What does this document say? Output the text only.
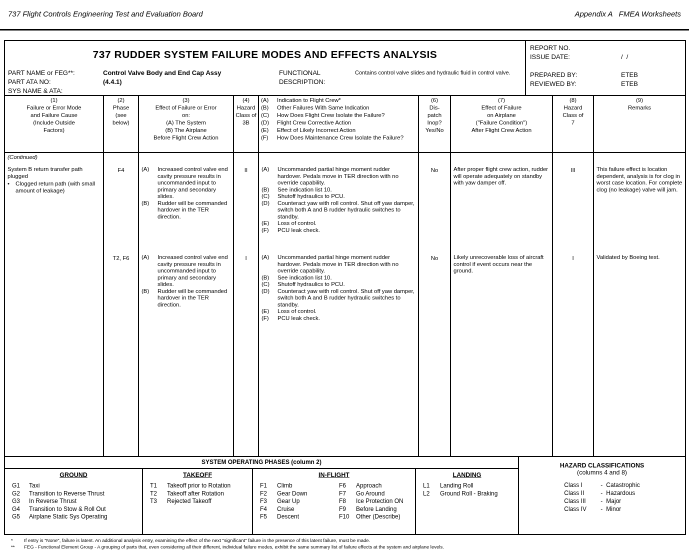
737 Flight Controls Engineering Test and Evaluation Board	Appendix A   FMEA Worksheets
737 RUDDER SYSTEM FAILURE MODES AND EFFECTS ANALYSIS
PART NAME or FEG**: Control Valve Body and End Cap Assy	FUNCTIONAL	Contains control valve slides and hydraulic fluid in control valve.
PART ATA NO:	(4.4.1)	DESCRIPTION:
SYS NAME & ATA:
REPORT NO.
ISSUE DATE:	/  /
PREPARED BY:	ETEB
REVIEWED BY:	ETEB
(1)
Failure or Error Mode
and Failure Cause
(Include Outside
Factors)
(2)
Phase
(see
below)
(3)
Effect of Failure or Error
on:
(A) The System
(B) The Airplane
Before Flight Crew Action
(4)
Hazard
Class of
3B
(A) Indication to Flight Crew*
(B) Other Failures With Same Indication
(C) How Does Flight Crew Isolate the Failure?
(D) Flight Crew Corrective Action
(E) Effect of Likely Incorrect Action
(F) How Does Maintenance Crew Isolate the Failure?
(6)
Dis-
patch
Inop?
Yes/No
(7)
Effect of Failure
on Airplane
("Failure Condition")
After Flight Crew Action
(8)
Hazard
Class of
7
(9)
Remarks
(Continued)
System B return transfer path plugged
• Clogged return path (with small amount of leakage)
F4	(A) Increased control valve end cavity pressure results in uncommanded input to primary and secondary slides.
(B) Rudder will be commanded hardover in the TER direction.
II	(A) Uncommanded partial hinge moment rudder hardover. Pedals move in TER direction with no override capability.
(B) See indication list 10.
(C) Shutoff hydraulics to PCU.
(D) Counteract yaw with roll control. Shut off yaw damper, switch both A and B rudder hydraulic switches to standby.
(E) Loss of control.
(F) PCU leak check.
No	After proper flight crew action, rudder will operate adequately on standby with yaw damper off.
III	This failure effect is location dependent, analysis is for clog in worst case location. For complete clog (no leakage) valve will jam.
T2, F6	(A) Increased control valve end cavity pressure results in uncommanded input to primary and secondary slides.
(B) Rudder will be commanded hardover in the TER direction.
I	(A) Uncommanded partial hinge moment rudder hardover. Pedals move in TER direction with no override capability.
(B) See indication list 10.
(C) Shutoff hydraulics to PCU.
(D) Counteract yaw with roll control. Shut off yaw damper, switch both A and B rudder hydraulic switches to standby.
(E) Loss of control.
(F) PCU leak check.
No	Likely unrecoverable loss of aircraft control if event occurs near the ground.
I	Validated by Boeing test.
SYSTEM OPERATING PHASES (column 2)
GROUND
G1 Taxi
G2 Transition to Reverse Thrust
G3 In Reverse Thrust
G4 Transition to Stow & Roll Out
G5 Airplane Static Sys Operating
TAKEOFF
T1 Takeoff prior to Rotation
T2 Takeoff after Rotation
T3 Rejected Takeoff
IN-FLIGHT
F1 Climb
F2 Gear Down
F3 Gear Up
F4 Cruise
F5 Descent
F6 Approach
F7 Go Around
F8 Ice Protection ON
F9 Before Landing
F10 Other (Describe)
LANDING
L1 Landing Roll
L2 Ground Roll - Braking
HAZARD CLASSIFICATIONS
(columns 4 and 8)
Class I	- Catastrophic
Class II	- Hazardous
Class III	- Major
Class IV	- Minor
*	If entry is "None", failure is latent. An additional analysis entry, examining the effect of the next "significant" failure in the presence of this latent failure, must be made.
** FEG - Functional Element Group - A grouping of parts that, even considering all their different, individual failure modes, exhibit the same summary list of failure effects at the system and airplane levels.
